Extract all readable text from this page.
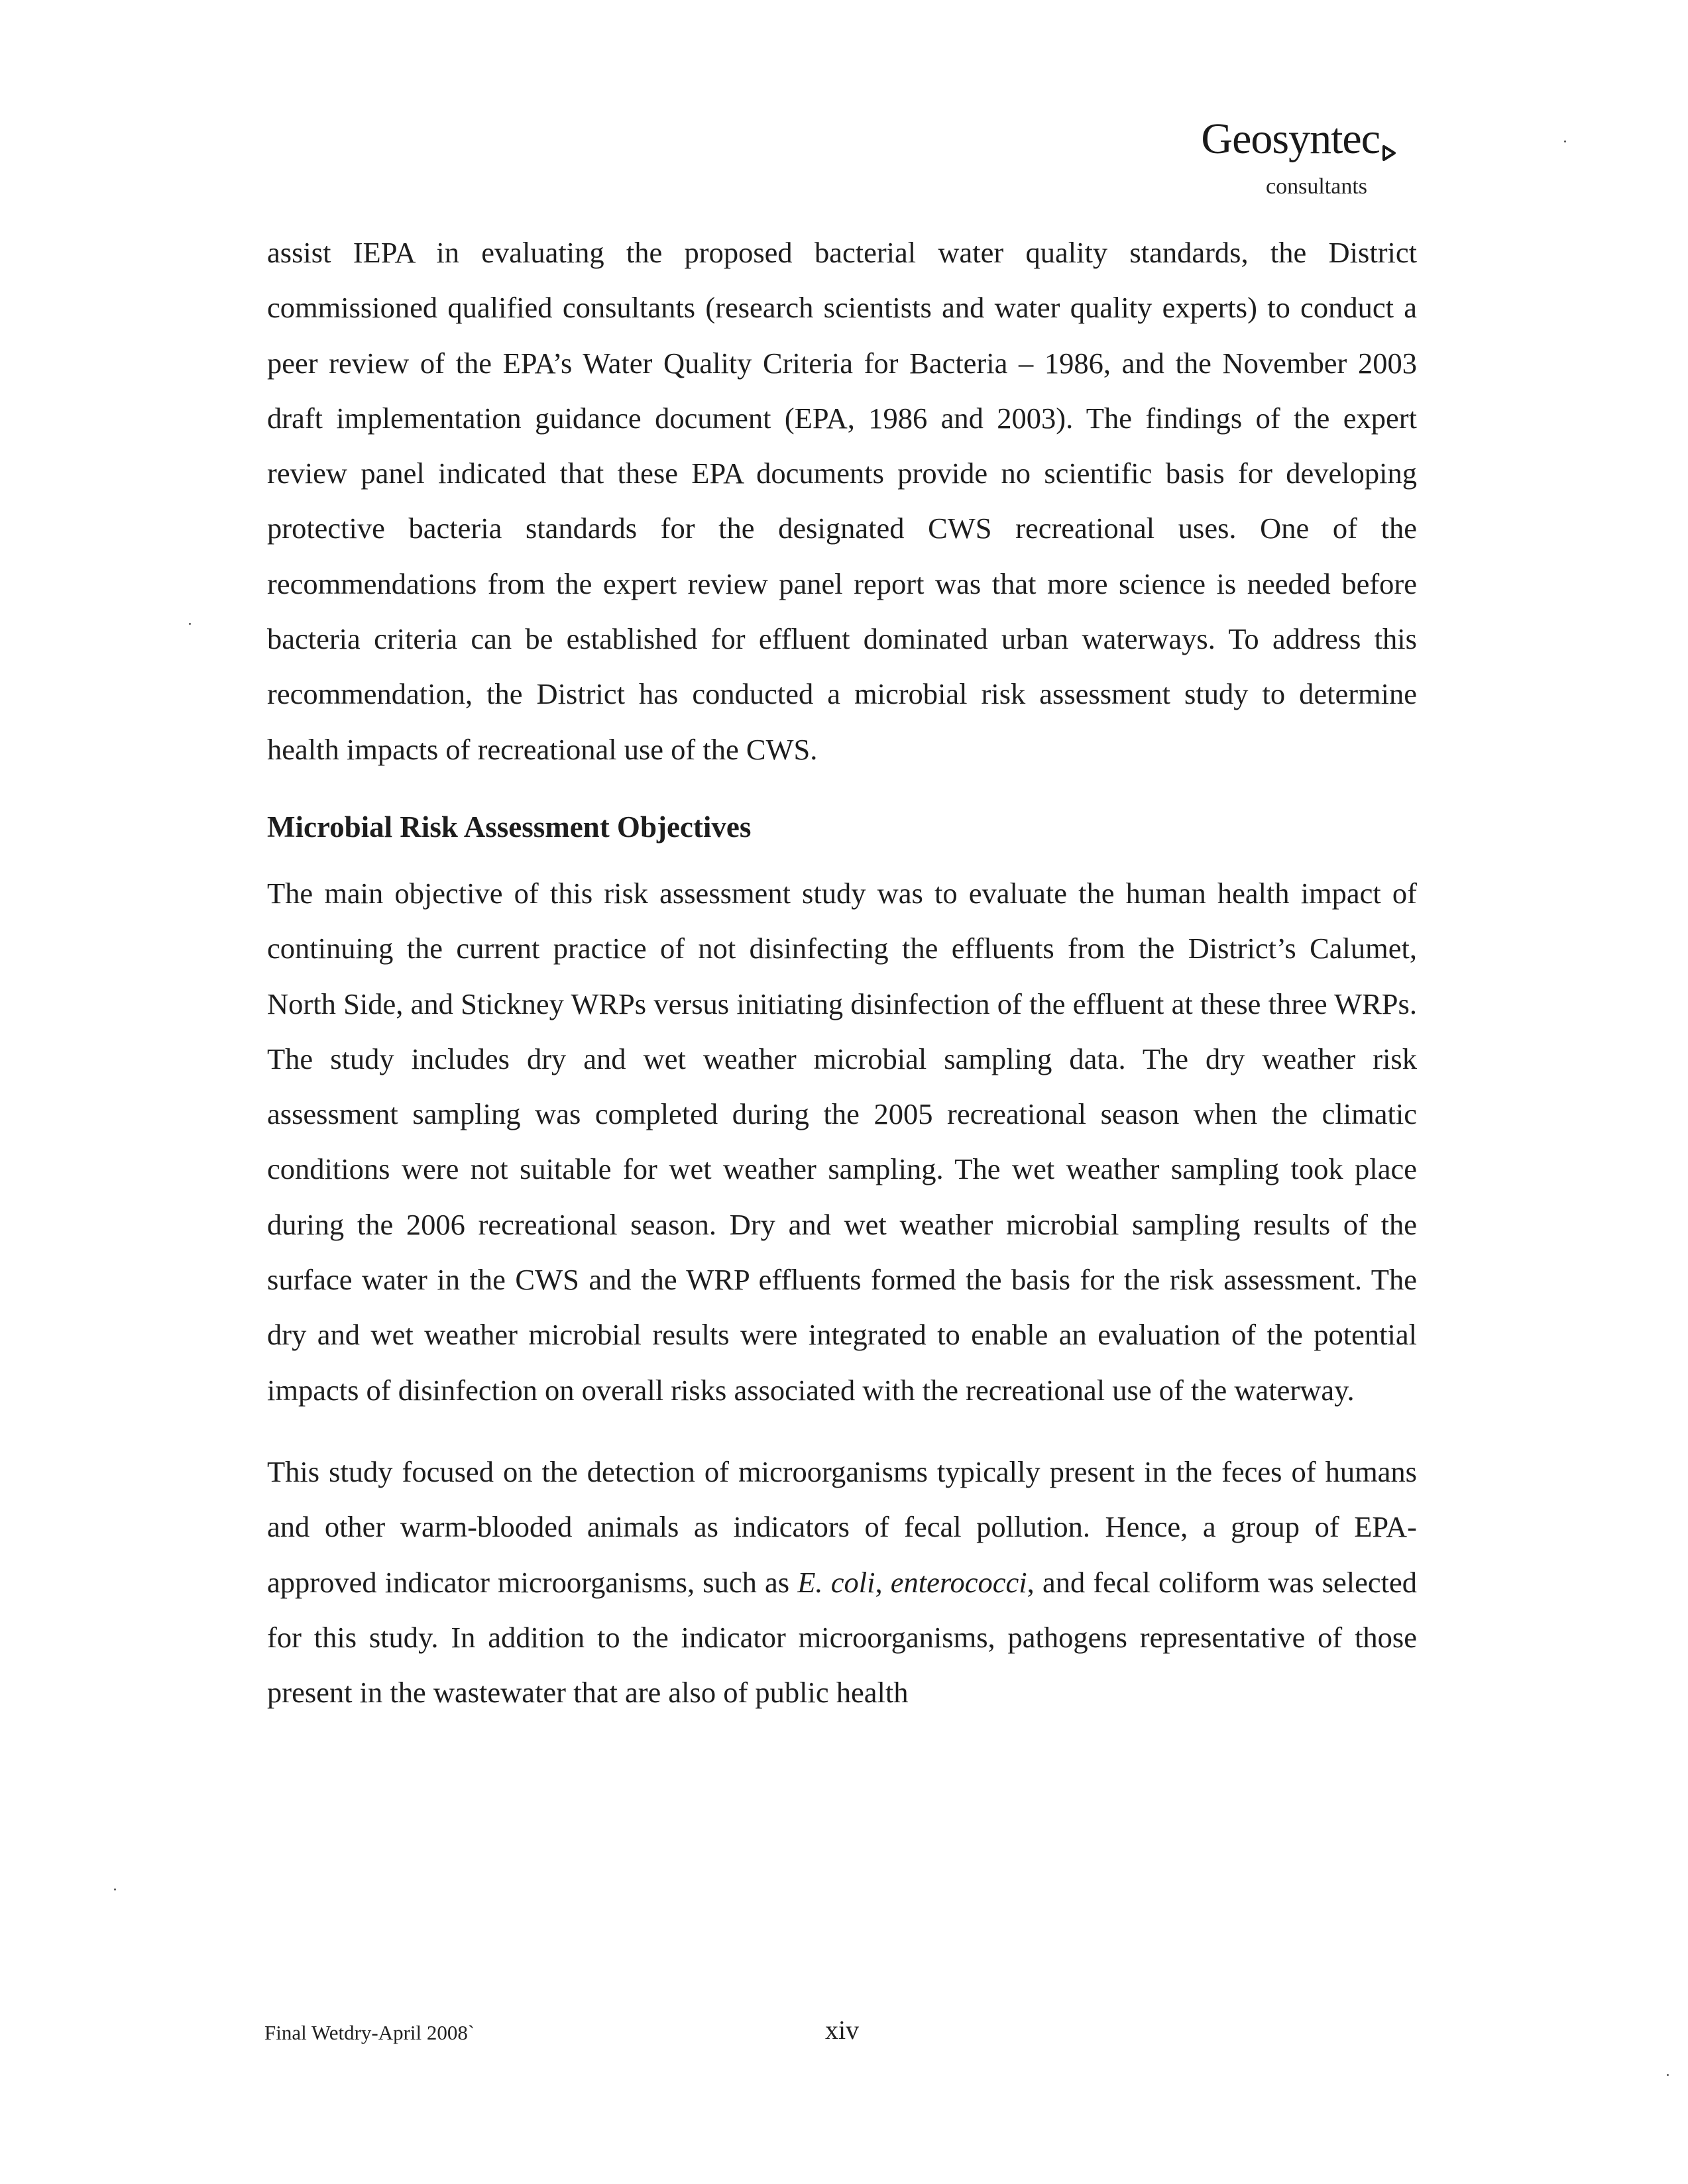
Geosyntec
consultants

assist IEPA in evaluating the proposed bacterial water quality standards, the District commissioned qualified consultants (research scientists and water quality experts) to conduct a peer review of the EPA’s Water Quality Criteria for Bacteria – 1986, and the November 2003 draft implementation guidance document (EPA, 1986 and 2003). The findings of the expert review panel indicated that these EPA documents provide no scientific basis for developing protective bacteria standards for the designated CWS recreational uses. One of the recommendations from the expert review panel report was that more science is needed before bacteria criteria can be established for effluent dominated urban waterways. To address this recommendation, the District has conducted a microbial risk assessment study to determine health impacts of recreational use of the CWS.

Microbial Risk Assessment Objectives

The main objective of this risk assessment study was to evaluate the human health impact of continuing the current practice of not disinfecting the effluents from the District’s Calumet, North Side, and Stickney WRPs versus initiating disinfection of the effluent at these three WRPs. The study includes dry and wet weather microbial sampling data. The dry weather risk assessment sampling was completed during the 2005 recreational season when the climatic conditions were not suitable for wet weather sampling. The wet weather sampling took place during the 2006 recreational season. Dry and wet weather microbial sampling results of the surface water in the CWS and the WRP effluents formed the basis for the risk assessment. The dry and wet weather microbial results were integrated to enable an evaluation of the potential impacts of disinfection on overall risks associated with the recreational use of the waterway.

This study focused on the detection of microorganisms typically present in the feces of humans and other warm-blooded animals as indicators of fecal pollution. Hence, a group of EPA-approved indicator microorganisms, such as E. coli, enterococci, and fecal coliform was selected for this study. In addition to the indicator microorganisms, pathogens representative of those present in the wastewater that are also of public health

Final Wetdry-April 2008`	xiv
